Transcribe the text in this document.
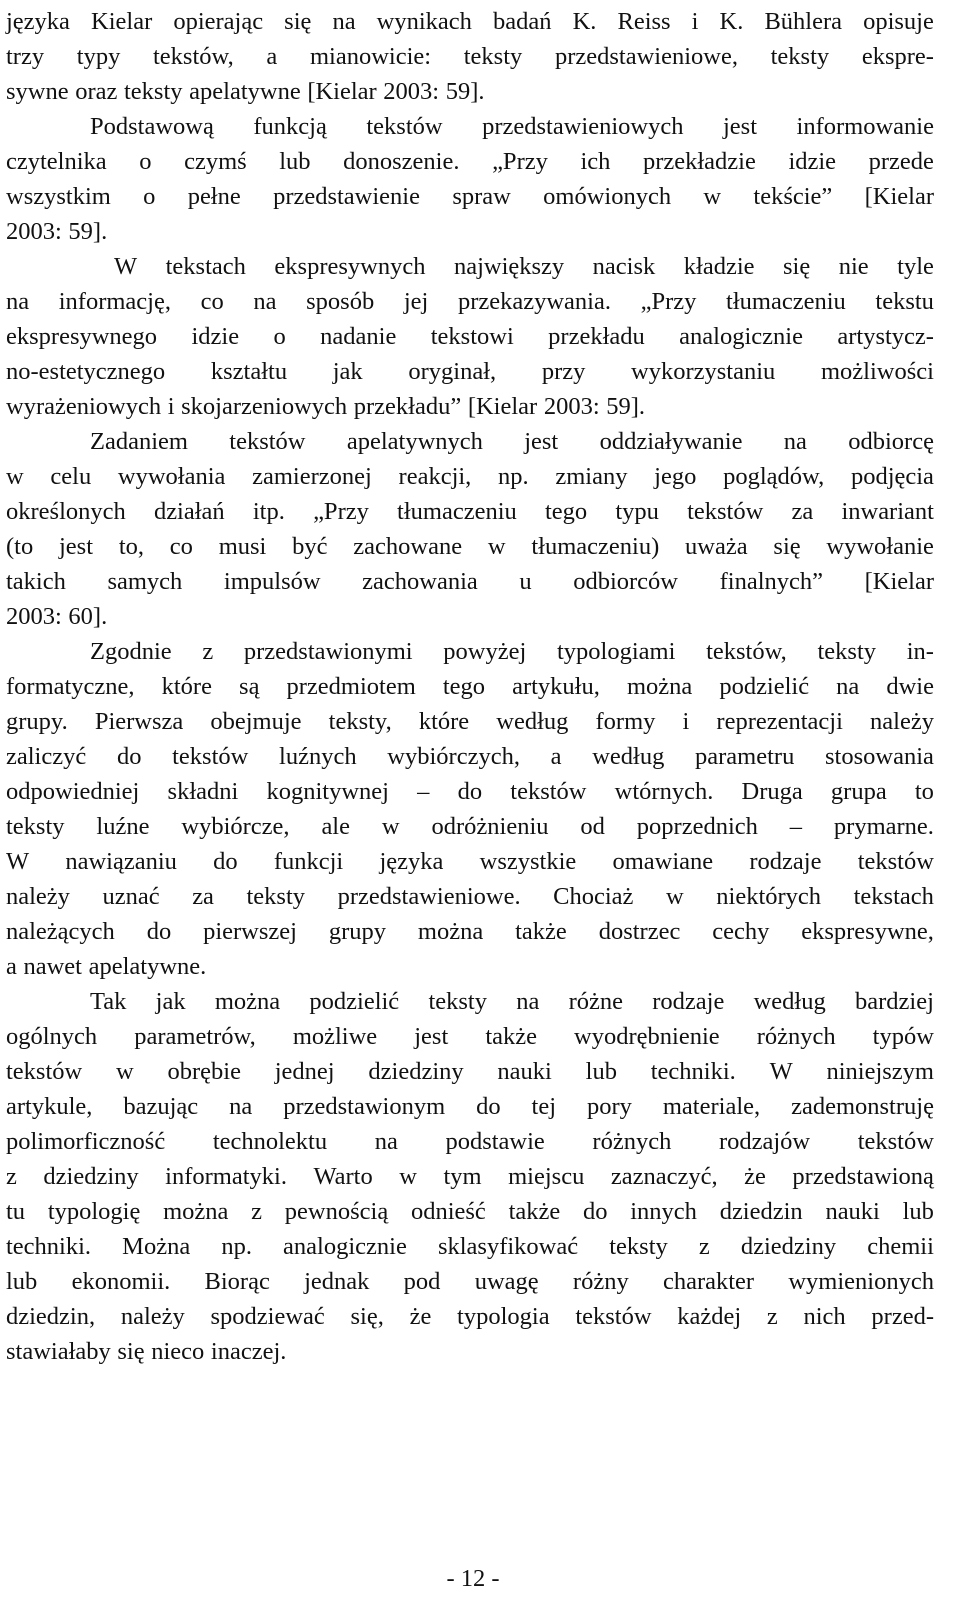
języka Kielar opierając się na wynikach badań K. Reiss i K. Bühlera opisuje
trzy typy tekstów, a mianowicie: teksty przedstawieniowe, teksty ekspre-
sywne oraz teksty apelatywne [Kielar 2003: 59].
Podstawową funkcją tekstów przedstawieniowych jest informowanie
czytelnika o czymś lub donoszenie. „Przy ich przekładzie idzie przede
wszystkim o pełne przedstawienie spraw omówionych w tekście” [Kielar
2003: 59].
W tekstach ekspresywnych największy nacisk kładzie się nie tyle
na informację, co na sposób jej przekazywania. „Przy tłumaczeniu tekstu
ekspresywnego idzie o nadanie tekstowi przekładu analogicznie artystycz-
no-estetycznego kształtu jak oryginał, przy wykorzystaniu możliwości
wyrażeniowych i skojarzeniowych przekładu” [Kielar 2003: 59].
Zadaniem tekstów apelatywnych jest oddziaływanie na odbiorcę
w celu wywołania zamierzonej reakcji, np. zmiany jego poglądów, podjęcia
określonych działań itp. „Przy tłumaczeniu tego typu tekstów za inwariant
(to jest to, co musi być zachowane w tłumaczeniu) uważa się wywołanie
takich samych impulsów zachowania u odbiorców finalnych” [Kielar
2003: 60].
Zgodnie z przedstawionymi powyżej typologiami tekstów, teksty in-
formatyczne, które są przedmiotem tego artykułu, można podzielić na dwie
grupy. Pierwsza obejmuje teksty, które według formy i reprezentacji należy
zaliczyć do tekstów luźnych wybiórczych, a według parametru stosowania
odpowiedniej składni kognitywnej – do tekstów wtórnych. Druga grupa to
teksty luźne wybiórcze, ale w odróżnieniu od poprzednich – prymarne.
W nawiązaniu do funkcji języka wszystkie omawiane rodzaje tekstów
należy uznać za teksty przedstawieniowe. Chociaż w niektórych tekstach
należących do pierwszej grupy można także dostrzec cechy ekspresywne,
a nawet apelatywne.
Tak jak można podzielić teksty na różne rodzaje według bardziej
ogólnych parametrów, możliwe jest także wyodrębnienie różnych typów
tekstów w obrębie jednej dziedziny nauki lub techniki. W niniejszym
artykule, bazując na przedstawionym do tej pory materiale, zademonstruję
polimorficzność technolektu na podstawie różnych rodzajów tekstów
z dziedziny informatyki. Warto w tym miejscu zaznaczyć, że przedstawioną
tu typologię można z pewnością odnieść także do innych dziedzin nauki lub
techniki. Można np. analogicznie sklasyfikować teksty z dziedziny chemii
lub ekonomii. Biorąc jednak pod uwagę różny charakter wymienionych
dziedzin, należy spodziewać się, że typologia tekstów każdej z nich przed-
stawiałaby się nieco inaczej.
- 12 -
